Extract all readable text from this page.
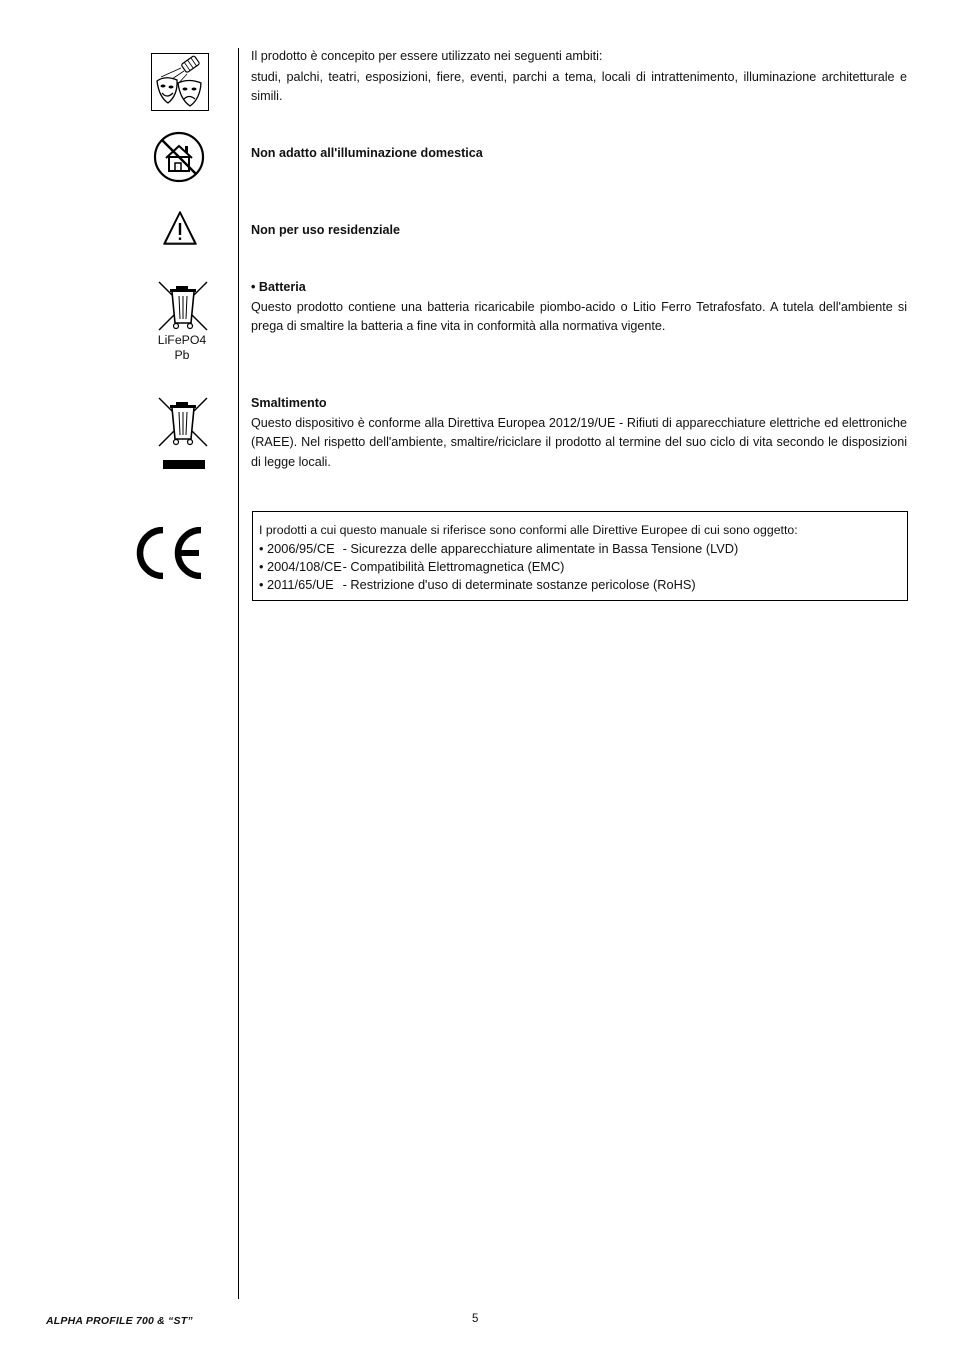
Il prodotto è concepito per essere utilizzato nei seguenti ambiti:

studi, palchi, teatri, esposizioni, fiere, eventi, parchi a tema, locali di intrattenimento, illuminazione architetturale e simili.

Non adatto all'illuminazione domestica

Non per uso residenziale

LiFePO4
Pb

• Batteria

Questo prodotto contiene una batteria ricaricabile piombo-acido o Litio Ferro Tetrafosfato. A tutela dell'ambiente si prega di smaltire la batteria a fine vita in conformità alla normativa vigente.

Smaltimento

Questo dispositivo è conforme alla Direttiva Europea 2012/19/UE - Rifiuti di apparecchiature elettriche ed elettroniche (RAEE). Nel rispetto dell'ambiente, smaltire/riciclare il prodotto al termine del suo ciclo di vita secondo le disposizioni di legge locali.

I prodotti a cui questo manuale si riferisce sono conformi alle Direttive Europee di cui sono oggetto:
• 2006/95/CE - Sicurezza delle apparecchiature alimentate in Bassa Tensione (LVD)
• 2004/108/CE - Compatibilità Elettromagnetica (EMC)
• 2011/65/UE - Restrizione d'uso di determinate sostanze pericolose (RoHS)
ALPHA PROFILE 700 & “ST”	5
